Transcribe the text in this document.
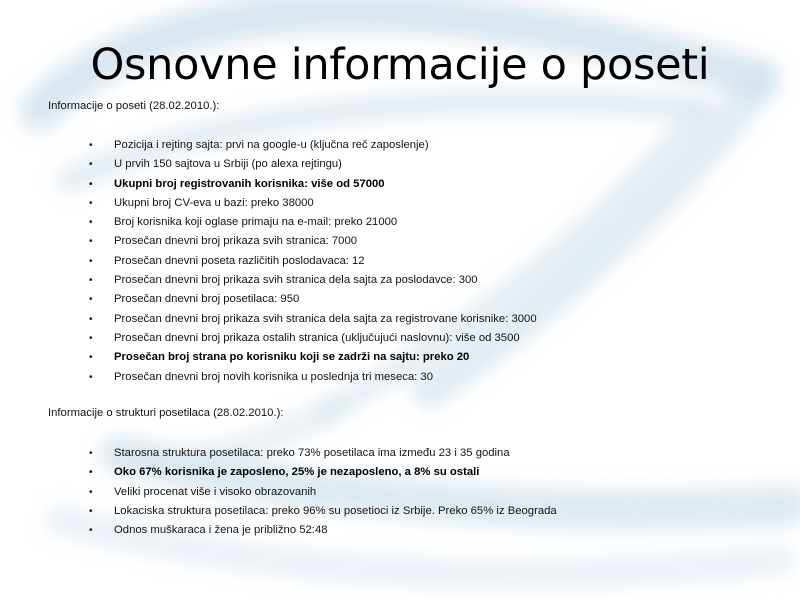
Osnovne informacije o poseti

Informacije o poseti (28.02.2010.):

• Pozicija i rejting sajta: prvi na google-u (ključna reč zaposlenje)
• U prvih 150 sajtova u Srbiji (po alexa rejtingu)
• Ukupni broj registrovanih korisnika: više od 57000
• Ukupni broj CV-eva u bazi: preko 38000
• Broj korisnika koji oglase primaju na e-mail: preko 21000
• Prosečan dnevni broj prikaza svih stranica: 7000
• Prosečan dnevni poseta različitih poslodavaca: 12
• Prosečan dnevni broj prikaza svih stranica dela sajta za poslodavce: 300
• Prosečan dnevni broj posetilaca: 950
• Prosečan dnevni broj prikaza svih stranica dela sajta za registrovane korisnike: 3000
• Prosečan dnevni broj prikaza ostalih stranica (uključujući naslovnu): više od 3500
• Prosečan broj strana po korisniku koji se zadrži na sajtu: preko 20
• Prosečan dnevni broj novih korisnika u poslednja tri meseca: 30

Informacije o strukturi posetilaca (28.02.2010.):

• Starosna struktura posetilaca: preko 73% posetilaca ima između 23 i 35 godina
• Oko 67% korisnika je zaposleno, 25% je nezaposleno, a 8% su ostali
• Veliki procenat više i visoko obrazovanih
• Lokaciska struktura posetilaca: preko 96% su posetioci iz Srbije. Preko 65% iz Beograda
• Odnos muškaraca i žena je približno 52:48
